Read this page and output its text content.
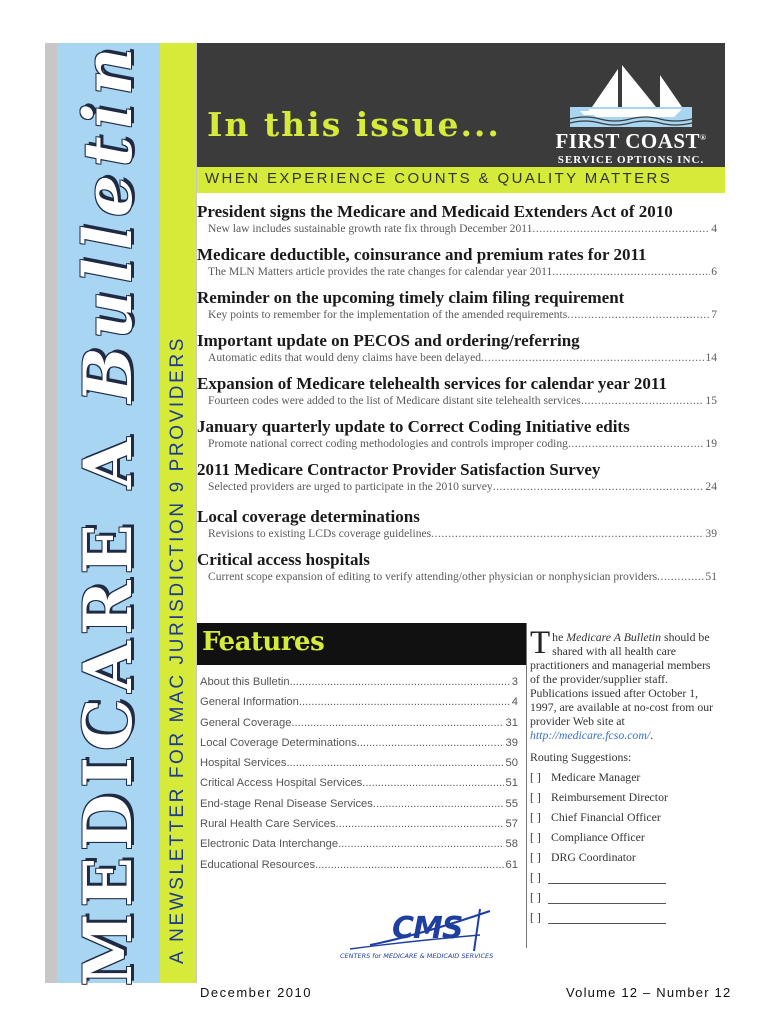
MEDICARE A Bulletin
A NEWSLETTER FOR MAC JURISDICTION 9 PROVIDERS
In this issue...	FIRST COAST®
SERVICE OPTIONS INC.
WHEN EXPERIENCE COUNTS & QUALITY MATTERS
President signs the Medicare and Medicaid Extenders Act of 2010
New law includes sustainable growth rate fix through December 2011 .....	4
Medicare deductible, coinsurance and premium rates for 2011
The MLN Matters article provides the rate changes for calendar year 2011 .....	6
Reminder on the upcoming timely claim filing requirement
Key points to remember for the implementation of the amended requirements .....	7
Important update on PECOS and ordering/referring
Automatic edits that would deny claims have been delayed .....	14
Expansion of Medicare telehealth services for calendar year 2011
Fourteen codes were added to the list of Medicare distant site telehealth services .....	15
January quarterly update to Correct Coding Initiative edits
Promote national correct coding methodologies and controls improper coding .....	19
2011 Medicare Contractor Provider Satisfaction Survey
Selected providers are urged to participate in the 2010 survey .....	24
Local coverage determinations
Revisions to existing LCDs coverage guidelines .....	39
Critical access hospitals
Current scope expansion of editing to verify attending/other physician or nonphysician providers .....	51
Features
About this Bulletin .....	3
General Information .....	4
General Coverage .....	31
Local Coverage Determinations .....	39
Hospital Services .....	50
Critical Access Hospital Services .....	51
End-stage Renal Disease Services .....	55
Rural Health Care Services .....	57
Electronic Data Interchange .....	58
Educational Resources .....	61
CMS
CENTERS for MEDICARE & MEDICAID SERVICES
The Medicare A Bulletin should be shared with all health care practitioners and managerial members of the provider/supplier staff. Publications issued after October 1, 1997, are available at no-cost from our provider Web site at http://medicare.fcso.com/.
Routing Suggestions:
[ ] Medicare Manager
[ ] Reimbursement Director
[ ] Chief Financial Officer
[ ] Compliance Officer
[ ] DRG Coordinator
[ ]
[ ]
[ ]
December 2010	Volume 12 – Number 12
